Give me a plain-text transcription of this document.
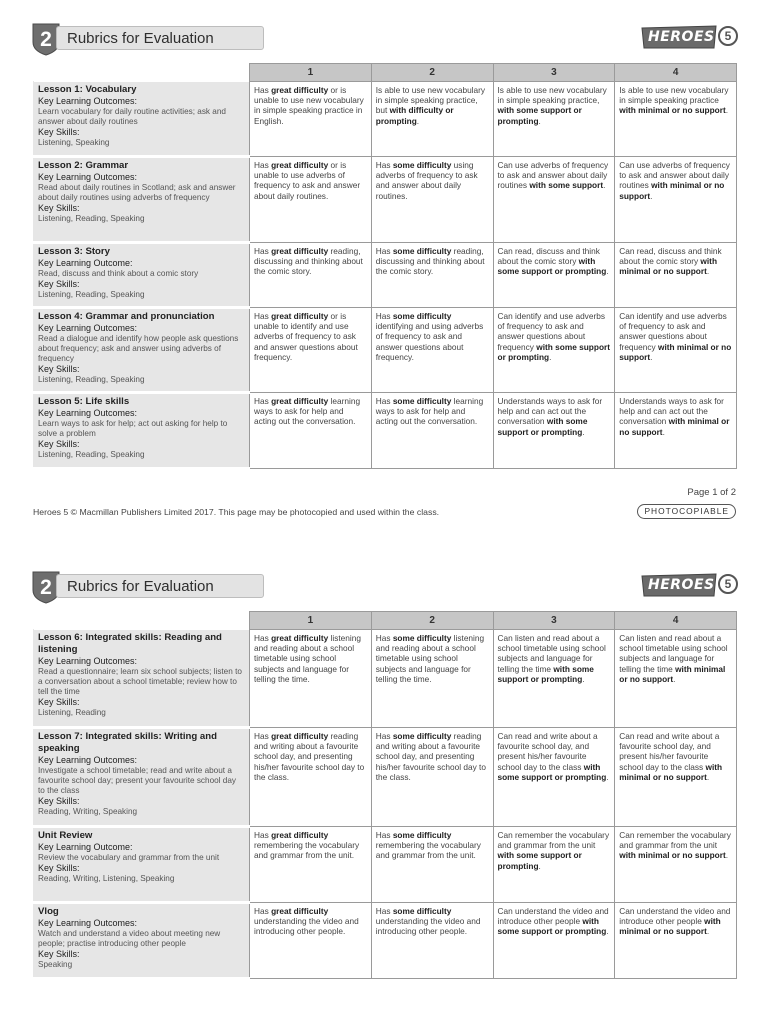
2 Rubrics for Evaluation	HEROES 5
	1	2	3	4

Lesson 1: Vocabulary
Key Learning Outcomes:
Learn vocabulary for daily routine activities; ask and answer about daily routines
Key Skills:
Listening, Speaking	Has great difficulty or is unable to use new vocabulary in simple speaking practice in English.	Is able to use new vocabulary in simple speaking practice, but with difficulty or prompting.	Is able to use new vocabulary in simple speaking practice, with some support or prompting.	Is able to use new vocabulary in simple speaking practice with minimal or no support.

Lesson 2: Grammar
Key Learning Outcomes:
Read about daily routines in Scotland; ask and answer about daily routines using adverbs of frequency
Key Skills:
Listening, Reading, Speaking	Has great difficulty or is unable to use adverbs of frequency to ask and answer about daily routines.	Has some difficulty using adverbs of frequency to ask and answer about daily routines.	Can use adverbs of frequency to ask and answer about daily routines with some support.	Can use adverbs of frequency to ask and answer about daily routines with minimal or no support.

Lesson 3: Story
Key Learning Outcome:
Read, discuss and think about a comic story
Key Skills:
Listening, Reading, Speaking	Has great difficulty reading, discussing and thinking about the comic story.	Has some difficulty reading, discussing and thinking about the comic story.	Can read, discuss and think about the comic story with some support or prompting.	Can read, discuss and think about the comic story with minimal or no support.

Lesson 4: Grammar and pronunciation
Key Learning Outcomes:
Read a dialogue and identify how people ask questions about frequency; ask and answer using adverbs of frequency
Key Skills:
Listening, Reading, Speaking	Has great difficulty or is unable to identify and use adverbs of frequency to ask and answer questions about frequency.	Has some difficulty identifying and using adverbs of frequency to ask and answer questions about frequency.	Can identify and use adverbs of frequency to ask and answer questions about frequency with some support or prompting.	Can identify and use adverbs of frequency to ask and answer questions about frequency with minimal or no support.

Lesson 5: Life skills
Key Learning Outcomes:
Learn ways to ask for help; act out asking for help to solve a problem
Key Skills:
Listening, Reading, Speaking	Has great difficulty learning ways to ask for help and acting out the conversation.	Has some difficulty learning ways to ask for help and acting out the conversation.	Understands ways to ask for help and can act out the conversation with some support or prompting.	Understands ways to ask for help and can act out the conversation with minimal or no support.
Page 1 of 2
Heroes 5 © Macmillan Publishers Limited 2017. This page may be photocopied and used within the class.	PHOTOCOPIABLE
2 Rubrics for Evaluation	HEROES 5
	1	2	3	4

Lesson 6: Integrated skills: Reading and listening
Key Learning Outcomes:
Read a questionnaire; learn six school subjects; listen to a conversation about a school timetable; review how to tell the time
Key Skills:
Listening, Reading	Has great difficulty listening and reading about a school timetable using school subjects and language for telling the time.	Has some difficulty listening and reading about a school timetable using school subjects and language for telling the time.	Can listen and read about a school timetable using school subjects and language for telling the time with some support or prompting.	Can listen and read about a school timetable using school subjects and language for telling the time with minimal or no support.

Lesson 7: Integrated skills: Writing and speaking
Key Learning Outcomes:
Investigate a school timetable; read and write about a favourite school day; present your favourite school day to the class
Key Skills:
Reading, Writing, Speaking	Has great difficulty reading and writing about a favourite school day, and presenting his/her favourite school day to the class.	Has some difficulty reading and writing about a favourite school day, and presenting his/her favourite school day to the class.	Can read and write about a favourite school day, and present his/her favourite school day to the class with some support or prompting.	Can read and write about a favourite school day, and present his/her favourite school day to the class with minimal or no support.

Unit Review
Key Learning Outcome:
Review the vocabulary and grammar from the unit
Key Skills:
Reading, Writing, Listening, Speaking	Has great difficulty remembering the vocabulary and grammar from the unit.	Has some difficulty remembering the vocabulary and grammar from the unit.	Can remember the vocabulary and grammar from the unit with some support or prompting.	Can remember the vocabulary and grammar from the unit with minimal or no support.

Vlog
Key Learning Outcomes:
Watch and understand a video about meeting new people; practise introducing other people
Key Skills:
Speaking	Has great difficulty understanding the video and introducing other people.	Has some difficulty understanding the video and introducing other people.	Can understand the video and introduce other people with some support or prompting.	Can understand the video and introduce other people with minimal or no support.
